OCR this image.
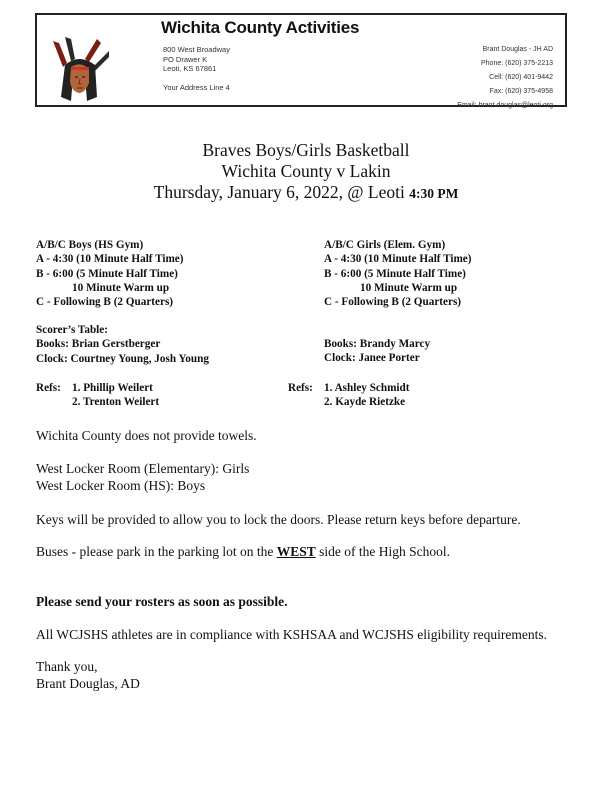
Wichita County Activities
800 West Broadway
PO Drawer K
Leoti, KS 67861
Your Address Line 4
Brant Douglas - JH AD
Phone: (620) 375-2213
Cell: (620) 401-9442
Fax: (620) 375-4958
Email: brant.douglas@leoti.org
Braves Boys/Girls Basketball
Wichita County v Lakin
Thursday, January 6, 2022, @ Leoti 4:30 PM
A/B/C Boys (HS Gym)
A - 4:30 (10 Minute Half Time)
B - 6:00 (5 Minute Half Time)
10 Minute Warm up
C - Following B (2 Quarters)
A/B/C Girls (Elem. Gym)
A - 4:30 (10 Minute Half Time)
B - 6:00 (5 Minute Half Time)
10 Minute Warm up
C - Following B (2 Quarters)
Scorer’s Table:
Books: Brian Gerstberger
Clock: Courtney Young, Josh Young
Books: Brandy Marcy
Clock: Janee Porter
Refs: 1. Phillip Weilert
2. Trenton Weilert
Refs: 1. Ashley Schmidt
2. Kayde Rietzke
Wichita County does not provide towels.
West Locker Room (Elementary): Girls
West Locker Room (HS): Boys
Keys will be provided to allow you to lock the doors. Please return keys before departure.
Buses - please park in the parking lot on the WEST side of the High School.
Please send your rosters as soon as possible.
All WCJSHS athletes are in compliance with KSHSAA and WCJSHS eligibility requirements.
Thank you,
Brant Douglas, AD
